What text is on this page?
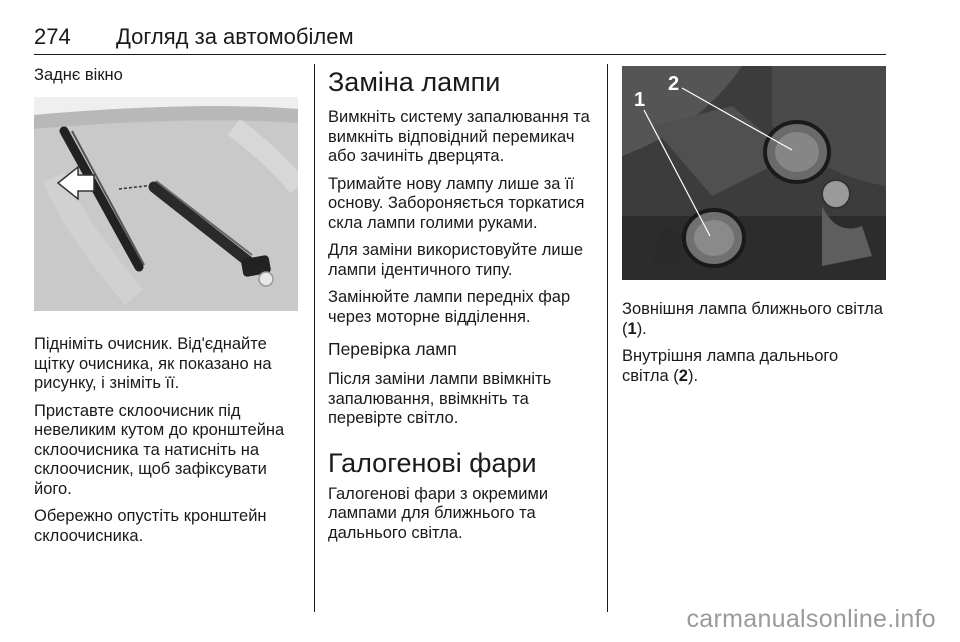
274 Догляд за автомобілем
Заднє вікно

Підніміть очисник. Від'єднайте щітку очисника, як показано на рисунку, і зніміть її.

Приставте склоочисник під невеликим кутом до кронштейна склоочисника та натисніть на склоочисник, щоб зафіксувати його.

Обережно опустіть кронштейн склоочисника.

Заміна лампи

Вимкніть систему запалювання та вимкніть відповідний перемикач або зачиніть дверцята.

Тримайте нову лампу лише за її основу. Забороняється торкатися скла лампи голими руками.

Для заміни використовуйте лише лампи ідентичного типу.

Замінюйте лампи передніх фар через моторне відділення.

Перевірка ламп

Після заміни лампи ввімкніть запалювання, ввімкніть та перевірте світло.

Галогенові фари

Галогенові фари з окремими лампами для ближнього та дальнього світла.

1
2

Зовнішня лампа ближнього світла (1).

Внутрішня лампа дальнього світла (2).

carmanualsonline.info
